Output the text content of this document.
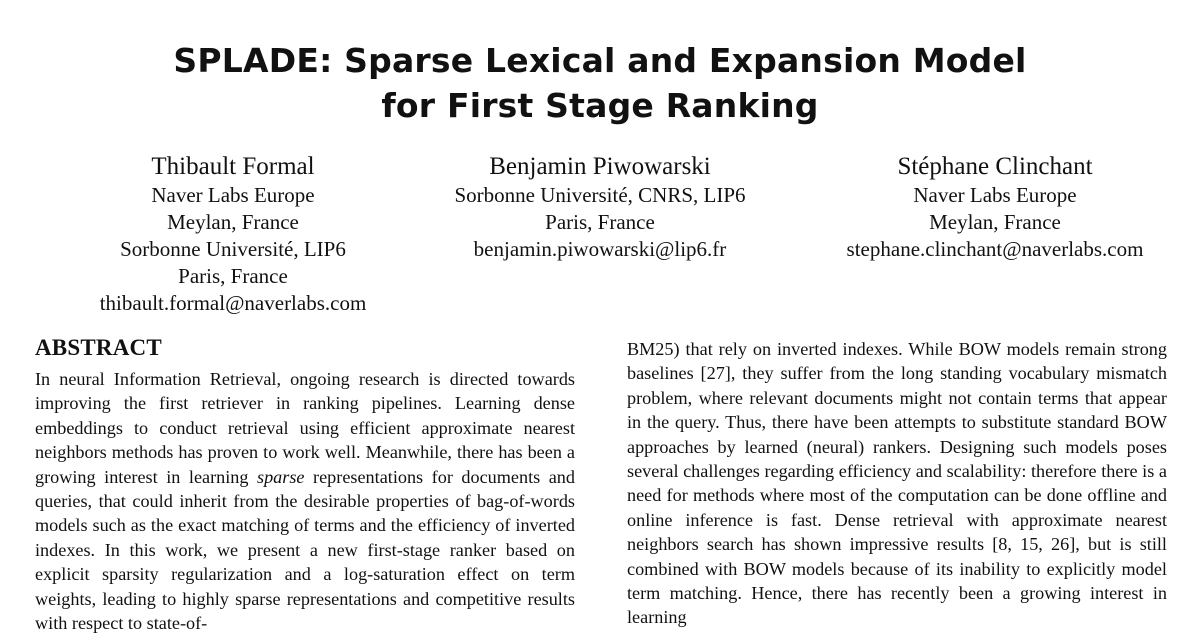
SPLADE: Sparse Lexical and Expansion Model
for First Stage Ranking
Thibault Formal
Naver Labs Europe
Meylan, France
Sorbonne Université, LIP6
Paris, France
thibault.formal@naverlabs.com
Benjamin Piwowarski
Sorbonne Université, CNRS, LIP6
Paris, France
benjamin.piwowarski@lip6.fr
Stéphane Clinchant
Naver Labs Europe
Meylan, France
stephane.clinchant@naverlabs.com
ABSTRACT
In neural Information Retrieval, ongoing research is directed towards improving the first retriever in ranking pipelines. Learning dense embeddings to conduct retrieval using efficient approximate nearest neighbors methods has proven to work well. Meanwhile, there has been a growing interest in learning sparse representations for documents and queries, that could inherit from the desirable properties of bag-of-words models such as the exact matching of terms and the efficiency of inverted indexes. In this work, we present a new first-stage ranker based on explicit sparsity regularization and a log-saturation effect on term weights, leading to highly sparse representations and competitive results with respect to state-of-
BM25) that rely on inverted indexes. While BOW models remain strong baselines [27], they suffer from the long standing vocabulary mismatch problem, where relevant documents might not contain terms that appear in the query. Thus, there have been attempts to substitute standard BOW approaches by learned (neural) rankers. Designing such models poses several challenges regarding efficiency and scalability: therefore there is a need for methods where most of the computation can be done offline and online inference is fast. Dense retrieval with approximate nearest neighbors search has shown impressive results [8, 15, 26], but is still combined with BOW models because of its inability to explicitly model term matching. Hence, there has recently been a growing interest in learning
